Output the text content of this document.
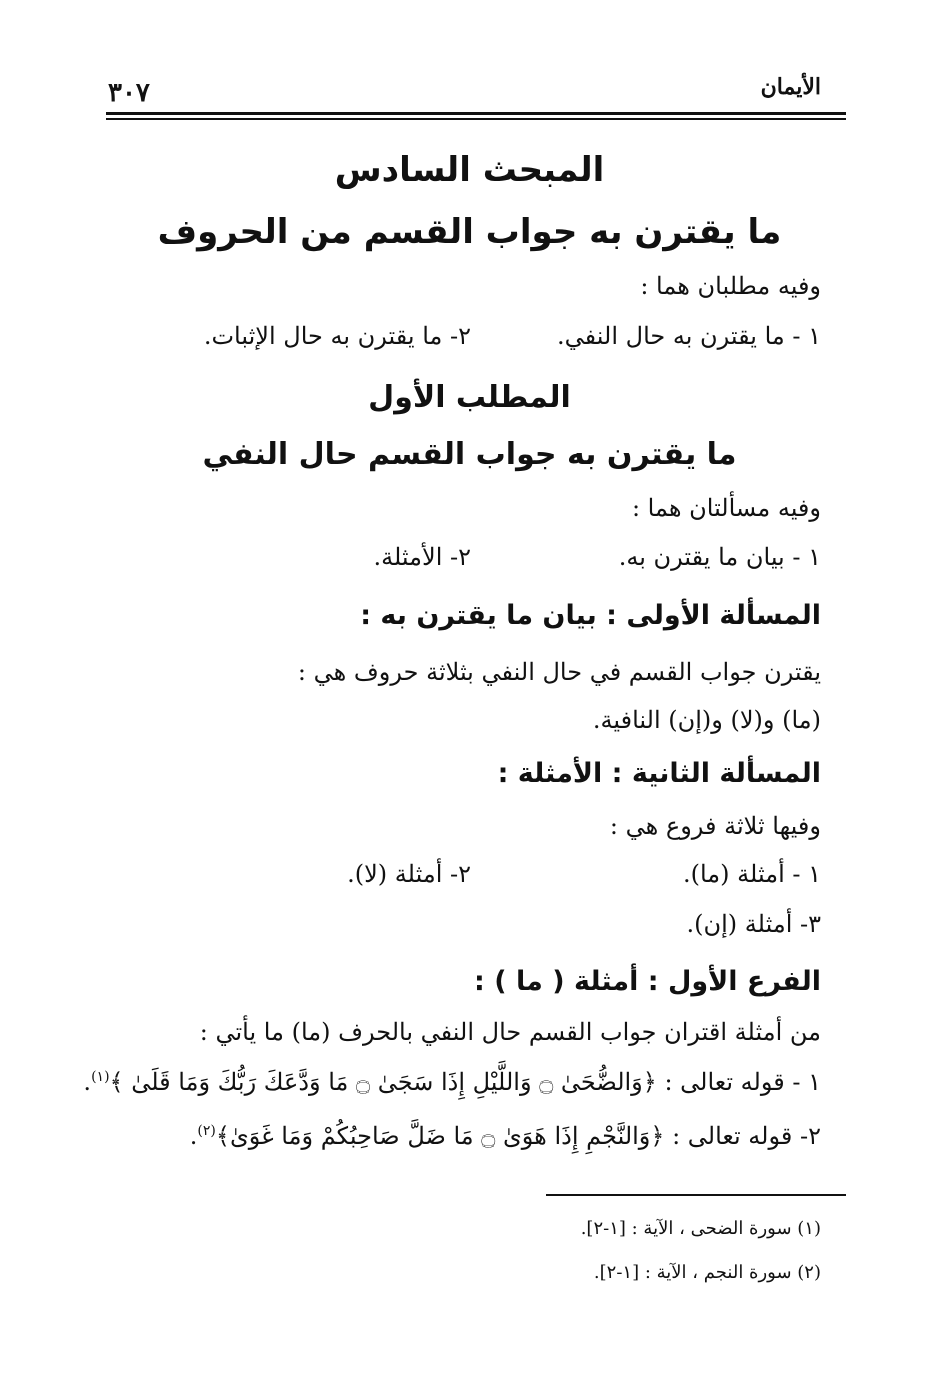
٣٠٧	الأيمان
المبحث السادس
ما يقترن به جواب القسم من الحروف
وفيه مطلبان هما :
١ - ما يقترن به حال النفي.
٢- ما يقترن به حال الإثبات.
المطلب الأول
ما يقترن به جواب القسم حال النفي
وفيه مسألتان هما :
١ - بيان ما يقترن به.
٢- الأمثلة.
المسألة الأولى : بيان ما يقترن به :
يقترن جواب القسم في حال النفي بثلاثة حروف هي :
(ما) و(لا) و(إن) النافية.
المسألة الثانية : الأمثلة :
وفيها ثلاثة فروع هي :
١ - أمثلة (ما).
٢- أمثلة (لا).
٣- أمثلة (إن).
الفرع الأول : أمثلة ( ما ) :
من أمثلة اقتران جواب القسم حال النفي بالحرف (ما) ما يأتي :
١ - قوله تعالى : ﴿وَالضُّحَىٰ ۝ وَاللَّيْلِ إِذَا سَجَىٰ ۝ مَا وَدَّعَكَ رَبُّكَ وَمَا قَلَىٰ ﴾$^{(١)}$.
٢- قوله تعالى : ﴿وَالنَّجْمِ إِذَا هَوَىٰ ۝ مَا ضَلَّ صَاحِبُكُمْ وَمَا غَوَىٰ﴾$^{(٢)}$.
(١) سورة الضحى ، الآية : [١-٢].
(٢) سورة النجم ، الآية : [١-٢].
